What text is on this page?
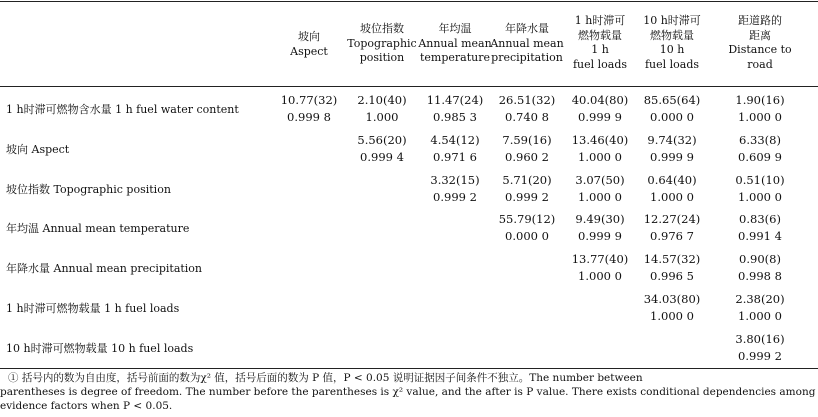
坡向
Aspect
坡位指数
Topographic
position
年均温
Annual mean
temperature
年降水量
Annual mean
precipitation
1 h时滞可
燃物载量
1 h
fuel loads
10 h时滞可
燃物载量
10 h
fuel loads
距道路的
距离
Distance to
road
1 h时滞可燃物含水量 1 h fuel water content
坡向 Aspect
坡位指数 Topographic position
年均温 Annual mean temperature
年降水量 Annual mean precipitation
1 h时滞可燃物载量 1 h fuel loads
10 h时滞可燃物载量 10 h fuel loads
10.77(32)
0.999 8
2.10(40)
1.000
11.47(24)
0.985 3
26.51(32)
0.740 8
40.04(80)
0.999 9
85.65(64)
0.000 0
1.90(16)
1.000 0
5.56(20)
0.999 4
4.54(12)
0.971 6
7.59(16)
0.960 2
13.46(40)
1.000 0
9.74(32)
0.999 9
6.33(8)
0.609 9
3.32(15)
0.999 2
5.71(20)
0.999 2
3.07(50)
1.000 0
0.64(40)
1.000 0
0.51(10)
1.000 0
55.79(12)
0.000 0
9.49(30)
0.999 9
12.27(24)
0.976 7
0.83(6)
0.991 4
13.77(40)
1.000 0
14.57(32)
0.996 5
0.90(8)
0.998 8
34.03(80)
1.000 0
2.38(20)
1.000 0
3.80(16)
0.999 2
① 括号内的数为自由度，括号前面的数为χ² 值，括号后面的数为 P 值，P < 0.05 说明证据因子间条件不独立。The number between
parentheses is degree of freedom. The number before the parentheses is χ² value, and the after is P value. There exists conditional dependencies among
evidence factors when P < 0.05.
